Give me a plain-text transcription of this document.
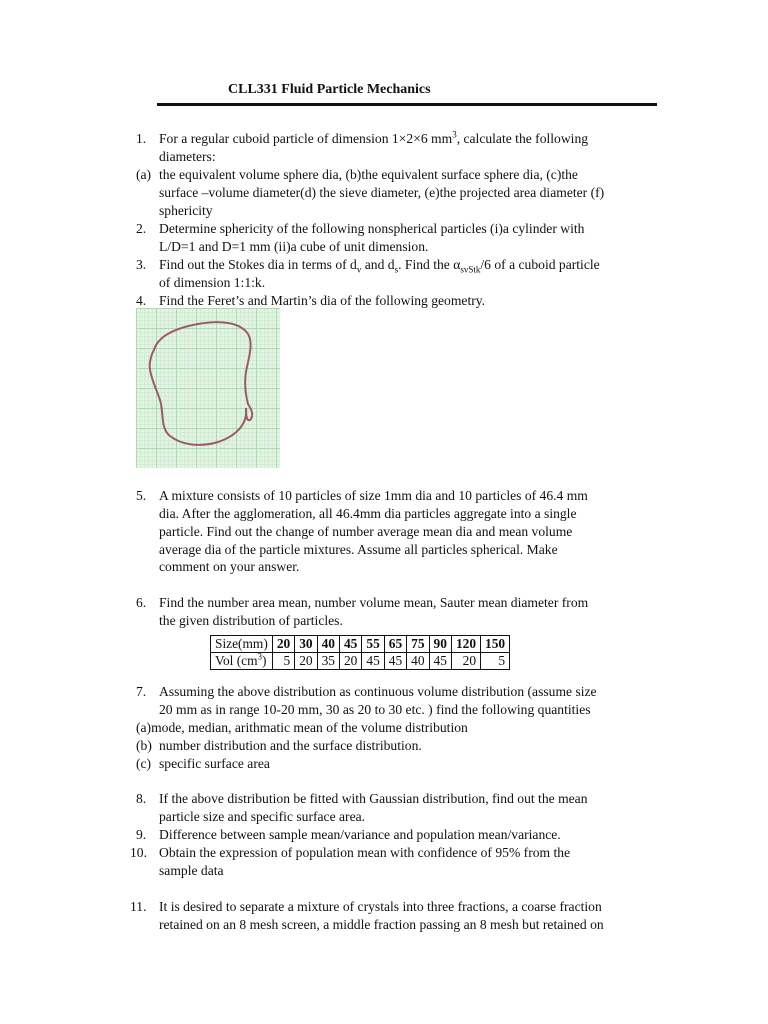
CLL331 Fluid Particle Mechanics
1. For a regular cuboid particle of dimension 1×2×6 $mm^3$, calculate the following
diameters:
(a) the equivalent volume sphere dia, (b)the equivalent surface sphere dia, (c)the
surface –volume diameter(d) the sieve diameter, (e)the projected area diameter (f)
sphericity
2. Determine sphericity of the following nonspherical particles (i)a cylinder with
L/D=1 and D=1 mm (ii)a cube of unit dimension.
3. Find out the Stokes dia in terms of $d_v$ and $d_s$. Find the $\alpha_{svStk}/6$ of a cuboid particle
of dimension 1:1:k.
4. Find the Feret’s and Martin’s dia of the following geometry.
5. A mixture consists of 10 particles of size 1mm dia and 10 particles of 46.4 mm
dia. After the agglomeration, all 46.4mm dia particles aggregate into a single
particle. Find out the change of number average mean dia and mean volume
average dia of the particle mixtures. Assume all particles spherical. Make
comment on your answer.
6. Find the number area mean, number volume mean, Sauter mean diameter from
the given distribution of particles.
Size(mm)	20	30	40	45	55	65	75	90	120	150
Vol $(cm^3)$	5	20	35	20	45	45	40	45	20	5
7. Assuming the above distribution as continuous volume distribution (assume size
20 mm as in range 10-20 mm, 30 as 20 to 30 etc. ) find the following quantities
(a)mode, median, arithmatic mean of the volume distribution
(b) number distribution and the surface distribution.
(c) specific surface area
8. If the above distribution be fitted with Gaussian distribution, find out the mean
particle size and specific surface area.
9. Difference between sample mean/variance and population mean/variance.
10. Obtain the expression of population mean with confidence of 95% from the
sample data
11. It is desired to separate a mixture of crystals into three fractions, a coarse fraction
retained on an 8 mesh screen, a middle fraction passing an 8 mesh but retained on
